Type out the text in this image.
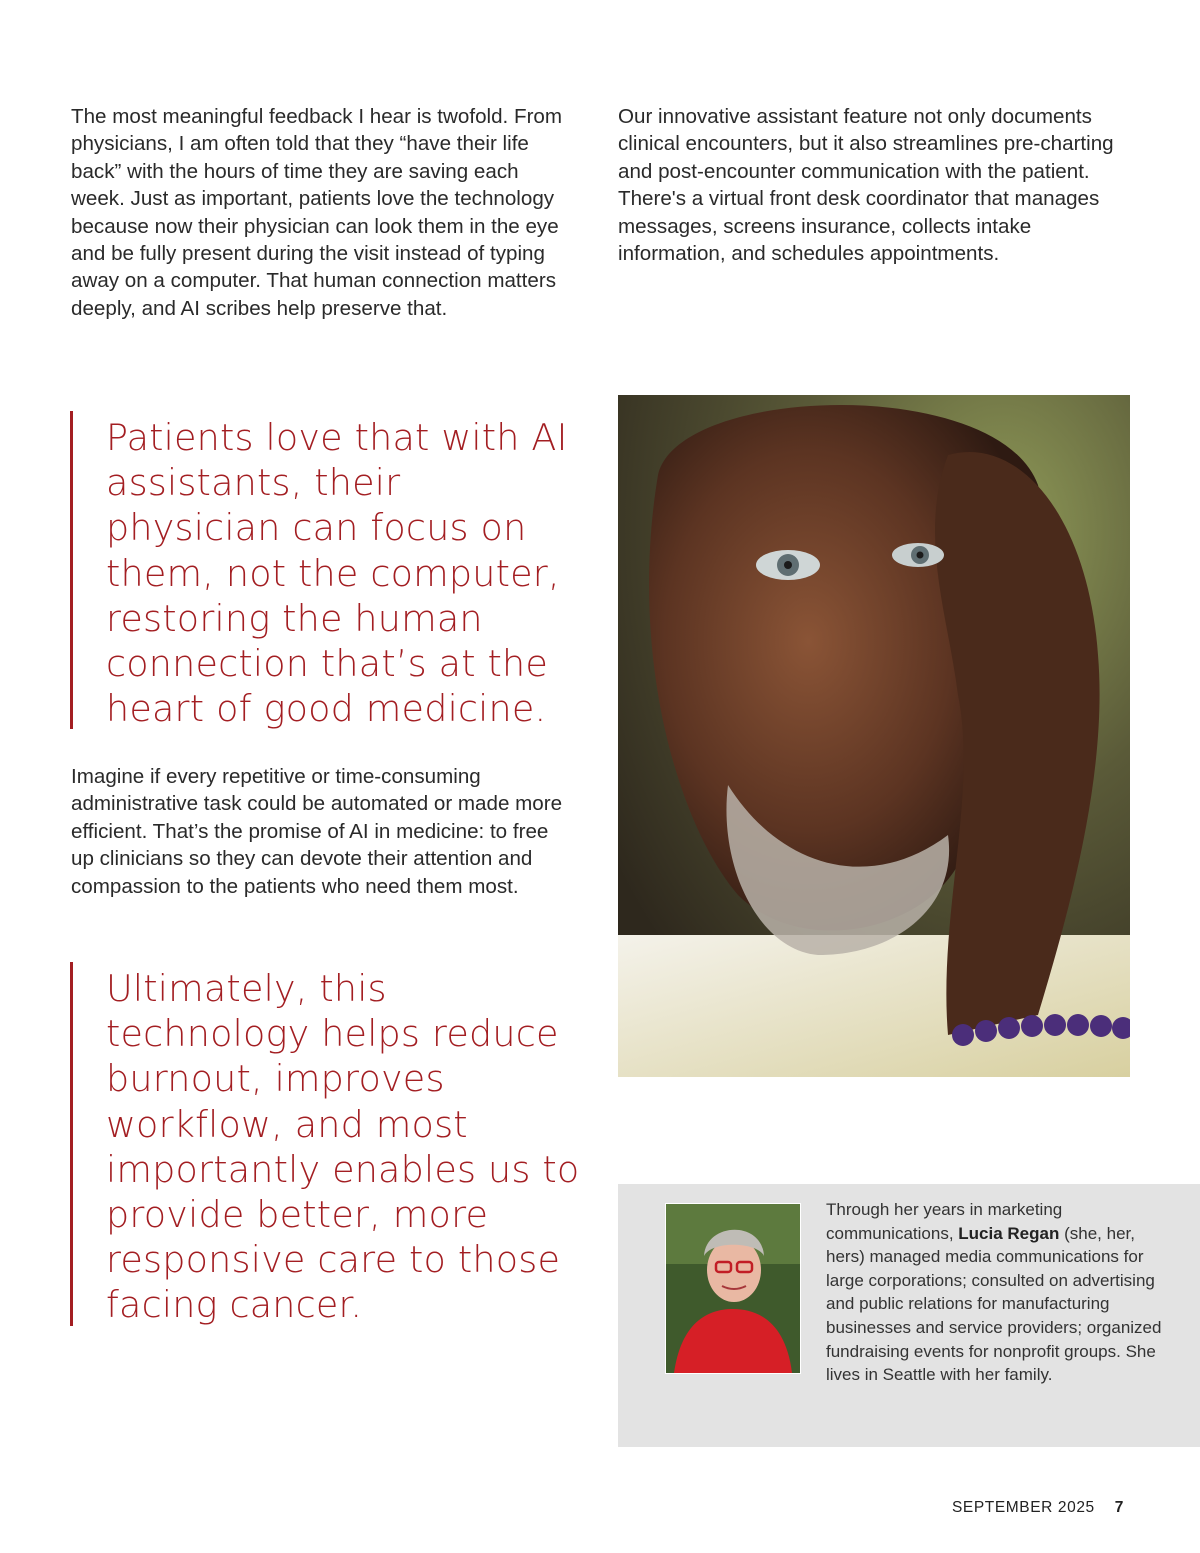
The most meaningful feedback I hear is twofold. From physicians, I am often told that they “have their life back” with the hours of time they are saving each week. Just as important, patients love the technology because now their physician can look them in the eye and be fully present during the visit instead of typing away on a computer. That human connection matters deeply, and AI scribes help preserve that.

Our innovative assistant feature not only documents clinical encounters, but it also streamlines pre-charting and post-encounter communication with the patient. There's a virtual front desk coordinator that manages messages, screens insurance, collects intake information, and schedules appointments.

Patients love that with AI assistants, their physician can focus on them, not the computer, restoring the human connection that’s at the heart of good medicine.

Imagine if every repetitive or time-consuming administrative task could be automated or made more efficient. That’s the promise of AI in medicine: to free up clinicians so they can devote their attention and compassion to the patients who need them most.

Ultimately, this technology helps reduce burnout, improves workflow, and most importantly enables us to provide better, more responsive care to those facing cancer.

Through her years in marketing communications, Lucia Regan (she, her, hers) managed media communications for large corporations; consulted on advertising and public relations for manufacturing businesses and service providers; organized fundraising events for nonprofit groups. She lives in Seattle with her family.

SEPTEMBER 2025 7
